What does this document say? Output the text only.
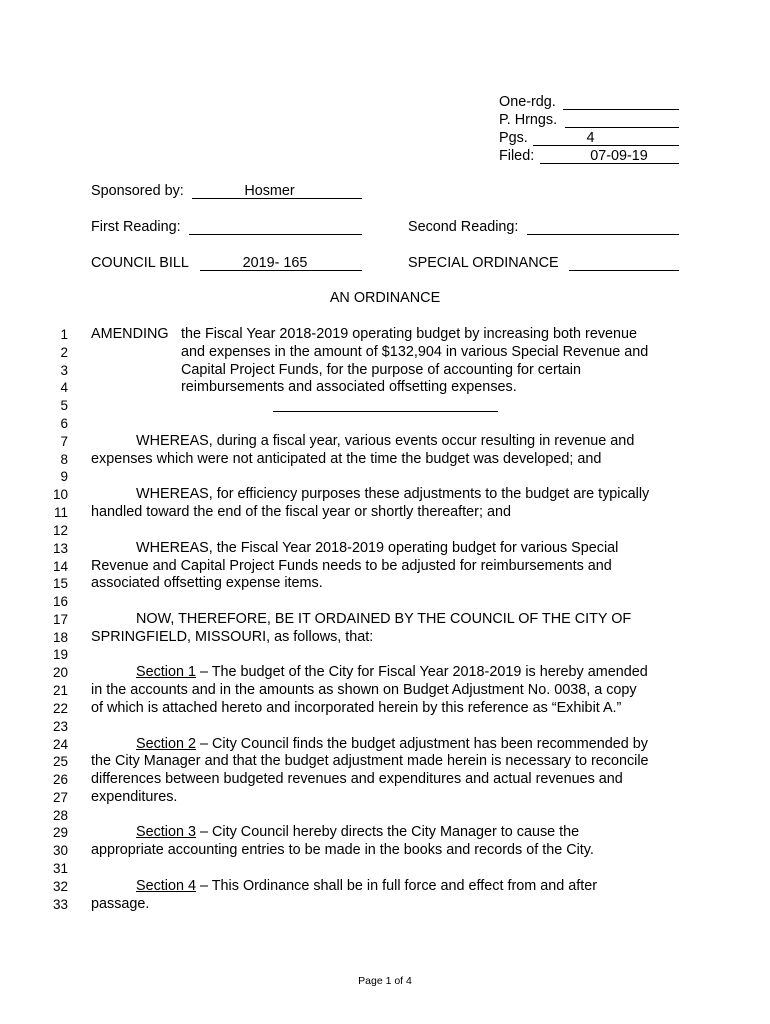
One-rdg.
P. Hrngs.
Pgs.	4
Filed:	07-09-19
Sponsored by:	Hosmer
First Reading:	Second Reading:
COUNCIL BILL	2019- 165	SPECIAL ORDINANCE
AN ORDINANCE
1
2
3
4
5
6
7
8
9
10
11
12
13
14
15
16
17
18
19
20
21
22
23
24
25
26
27
28
29
30
31
32
33
AMENDING the Fiscal Year 2018-2019 operating budget by increasing both revenue
and expenses in the amount of $132,904 in various Special Revenue and
Capital Project Funds, for the purpose of accounting for certain
reimbursements and associated offsetting expenses.
WHEREAS, during a fiscal year, various events occur resulting in revenue and
expenses which were not anticipated at the time the budget was developed; and
WHEREAS, for efficiency purposes these adjustments to the budget are typically
handled toward the end of the fiscal year or shortly thereafter; and
WHEREAS, the Fiscal Year 2018-2019 operating budget for various Special
Revenue and Capital Project Funds needs to be adjusted for reimbursements and
associated offsetting expense items.
NOW, THEREFORE, BE IT ORDAINED BY THE COUNCIL OF THE CITY OF
SPRINGFIELD, MISSOURI, as follows, that:
Section 1 – The budget of the City for Fiscal Year 2018-2019 is hereby amended
in the accounts and in the amounts as shown on Budget Adjustment No. 0038, a copy
of which is attached hereto and incorporated herein by this reference as “Exhibit A.”
Section 2 – City Council finds the budget adjustment has been recommended by
the City Manager and that the budget adjustment made herein is necessary to reconcile
differences between budgeted revenues and expenditures and actual revenues and
expenditures.
Section 3 – City Council hereby directs the City Manager to cause the
appropriate accounting entries to be made in the books and records of the City.
Section 4 – This Ordinance shall be in full force and effect from and after
passage.
Page 1 of 4
